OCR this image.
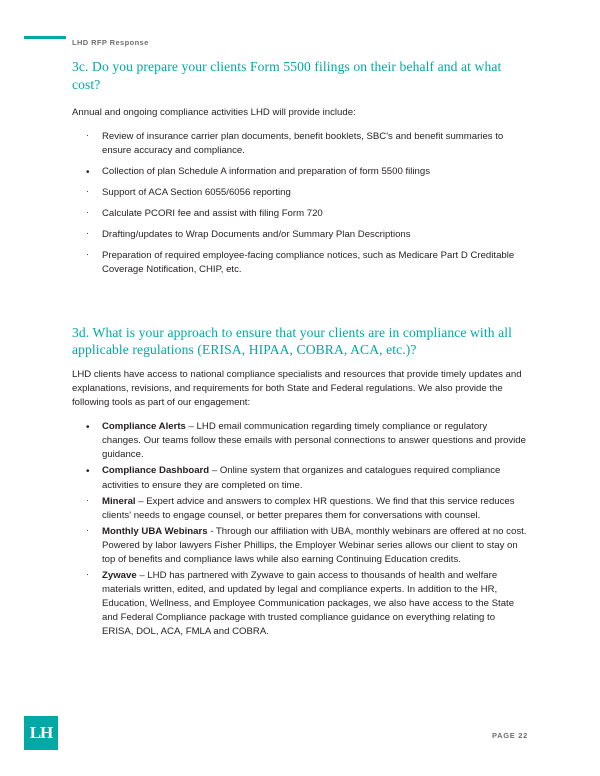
LHD RFP Response
3c. Do you prepare your clients Form 5500 filings on their behalf and at what cost?

Annual and ongoing compliance activities LHD will provide include:

· Review of insurance carrier plan documents, benefit booklets, SBC's and benefit summaries to ensure accuracy and compliance.
• Collection of plan Schedule A information and preparation of form 5500 filings
· Support of ACA Section 6055/6056 reporting
· Calculate PCORI fee and assist with filing Form 720
· Drafting/updates to Wrap Documents and/or Summary Plan Descriptions
· Preparation of required employee-facing compliance notices, such as Medicare Part D Creditable Coverage Notification, CHIP, etc.
3d. What is your approach to ensure that your clients are in compliance with all applicable regulations (ERISA, HIPAA, COBRA, ACA, etc.)?

LHD clients have access to national compliance specialists and resources that provide timely updates and explanations, revisions, and requirements for both State and Federal regulations. We also provide the following tools as part of our engagement:

• Compliance Alerts – LHD email communication regarding timely compliance or regulatory changes. Our teams follow these emails with personal connections to answer questions and provide guidance.
• Compliance Dashboard – Online system that organizes and catalogues required compliance activities to ensure they are completed on time.
· Mineral – Expert advice and answers to complex HR questions. We find that this service reduces clients' needs to engage counsel, or better prepares them for conversations with counsel.
· Monthly UBA Webinars - Through our affiliation with UBA, monthly webinars are offered at no cost. Powered by labor lawyers Fisher Phillips, the Employer Webinar series allows our client to stay on top of benefits and compliance laws while also earning Continuing Education credits.
· Zywave – LHD has partnered with Zywave to gain access to thousands of health and welfare materials written, edited, and updated by legal and compliance experts. In addition to the HR, Education, Wellness, and Employee Communication packages, we also have access to the State and Federal Compliance package with trusted compliance guidance on everything relating to ERISA, DOL, ACA, FMLA and COBRA.
LH	PAGE 22
